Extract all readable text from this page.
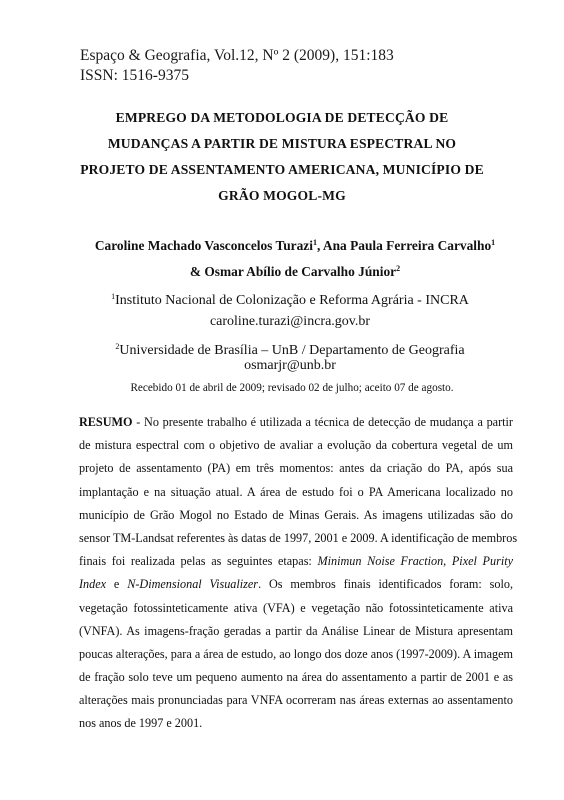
Espaço & Geografia, Vol.12, Nº 2 (2009), 151:183
ISSN: 1516-9375
EMPREGO DA METODOLOGIA DE DETECÇÃO DE
MUDANÇAS A PARTIR DE MISTURA ESPECTRAL NO
PROJETO DE ASSENTAMENTO AMERICANA, MUNICÍPIO DE
GRÃO MOGOL-MG
Caroline Machado Vasconcelos Turazi$^1$, Ana Paula Ferreira Carvalho$^1$
& Osmar Abílio de Carvalho Júnior$^2$
$^1$Instituto Nacional de Colonização e Reforma Agrária - INCRA
caroline.turazi@incra.gov.br
$^2$Universidade de Brasília – UnB / Departamento de Geografia
osmarjr@unb.br
Recebido 01 de abril de 2009; revisado 02 de julho; aceito 07 de agosto.
RESUMO - No presente trabalho é utilizada a técnica de detecção de mudança a partir
de mistura espectral com o objetivo de avaliar a evolução da cobertura vegetal de um
projeto de assentamento (PA) em três momentos: antes da criação do PA, após sua
implantação e na situação atual. A área de estudo foi o PA Americana localizado no
município de Grão Mogol no Estado de Minas Gerais. As imagens utilizadas são do
sensor TM-Landsat referentes às datas de 1997, 2001 e 2009. A identificação de membros
finais foi realizada pelas as seguintes etapas: Minimun Noise Fraction, Pixel Purity
Index e N-Dimensional Visualizer. Os membros finais identificados foram: solo,
vegetação fotossinteticamente ativa (VFA) e vegetação não fotossinteticamente ativa
(VNFA). As imagens-fração geradas a partir da Análise Linear de Mistura apresentam
poucas alterações, para a área de estudo, ao longo dos doze anos (1997-2009). A imagem
de fração solo teve um pequeno aumento na área do assentamento a partir de 2001 e as
alterações mais pronunciadas para VNFA ocorreram nas áreas externas ao assentamento
nos anos de 1997 e 2001.
